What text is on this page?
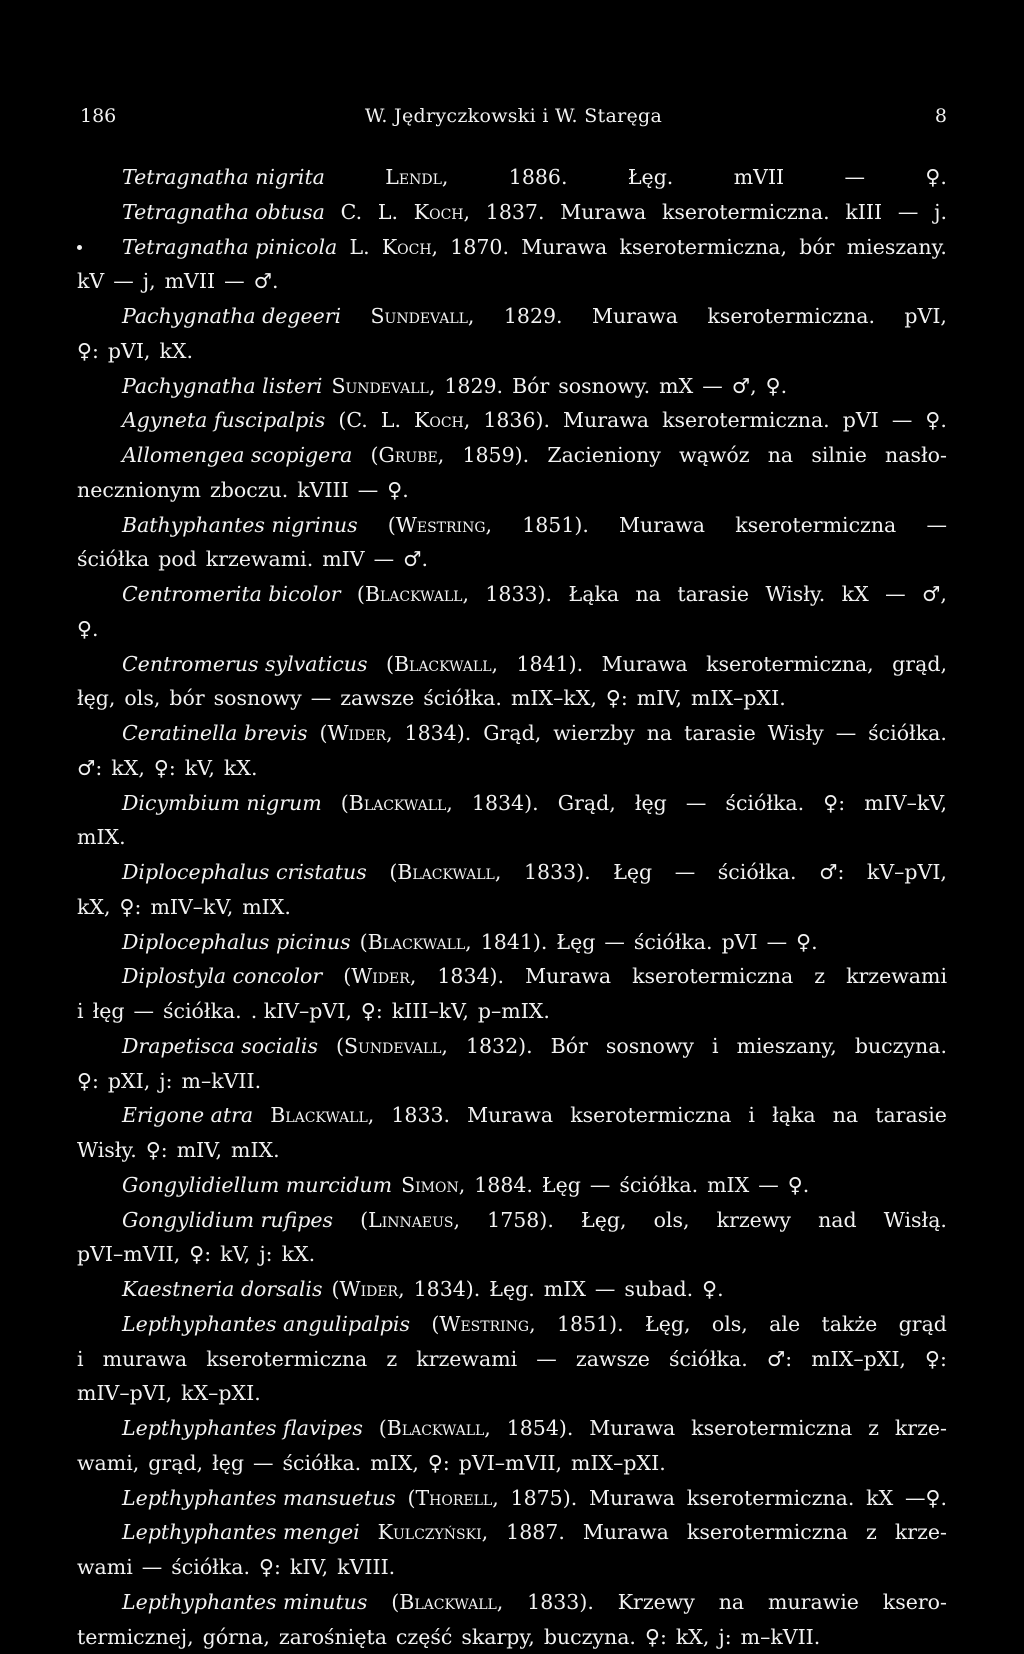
186	W. Jędryczkowski i W. Staręga	8
Tetragnatha nigrita	Lendl,	1886.	Łęg.	mVII	—	♀.
Tetragnatha obtusa C. L. Koch, 1837. Murawa kserotermiczna. kIII — j.
Tetragnatha pinicola L. Koch, 1870. Murawa kserotermiczna, bór mieszany.
kV — j, mVII — ♂.
Pachygnatha degeeri Sundevall, 1829. Murawa kserotermiczna. pVI,
♀: pVI, kX.
Pachygnatha listeri Sundevall, 1829. Bór sosnowy. mX — ♂, ♀.
Agyneta fuscipalpis (C. L. Koch, 1836). Murawa kserotermiczna. pVI — ♀.
Allomengea scopigera (Grube, 1859). Zacieniony wąwóz na silnie nasło-
necznionym zboczu. kVIII — ♀.
Bathyphantes nigrinus (Westring, 1851). Murawa kserotermiczna —
ściółka pod krzewami. mIV — ♂.
Centromerita bicolor (Blackwall, 1833). Łąka na tarasie Wisły. kX — ♂,
♀.
Centromerus sylvaticus (Blackwall, 1841). Murawa kserotermiczna, grąd,
łęg, ols, bór sosnowy — zawsze ściółka. mIX–kX, ♀: mIV, mIX–pXI.
Ceratinella brevis (Wider, 1834). Grąd, wierzby na tarasie Wisły — ściółka.
♂: kX, ♀: kV, kX.
Dicymbium nigrum (Blackwall, 1834). Grąd, łęg — ściółka. ♀: mIV–kV,
mIX.
Diplocephalus cristatus (Blackwall, 1833). Łęg — ściółka. ♂: kV–pVI,
kX, ♀: mIV–kV, mIX.
Diplocephalus picinus (Blackwall, 1841). Łęg — ściółka. pVI — ♀.
Diplostyla concolor (Wider, 1834). Murawa kserotermiczna z krzewami
i łęg — ściółka. . kIV–pVI, ♀: kIII–kV, p–mIX.
Drapetisca socialis (Sundevall, 1832). Bór sosnowy i mieszany, buczyna.
♀: pXI, j: m–kVII.
Erigone atra Blackwall, 1833. Murawa kserotermiczna i łąka na tarasie
Wisły. ♀: mIV, mIX.
Gongylidiellum murcidum Simon, 1884. Łęg — ściółka. mIX — ♀.
Gongylidium rufipes (Linnaeus, 1758). Łęg, ols, krzewy nad Wisłą.
pVI–mVII, ♀: kV, j: kX.
Kaestneria dorsalis (Wider, 1834). Łęg. mIX — subad. ♀.
Lepthyphantes angulipalpis (Westring, 1851). Łęg, ols, ale także grąd
i murawa kserotermiczna z krzewami — zawsze ściółka. ♂: mIX–pXI, ♀:
mIV–pVI, kX–pXI.
Lepthyphantes flavipes (Blackwall, 1854). Murawa kserotermiczna z krze-
wami, grąd, łęg — ściółka. mIX, ♀: pVI–mVII, mIX–pXI.
Lepthyphantes mansuetus (Thorell, 1875). Murawa kserotermiczna. kX —♀.
Lepthyphantes mengei Kulczyński, 1887. Murawa kserotermiczna z krze-
wami — ściółka. ♀: kIV, kVIII.
Lepthyphantes minutus (Blackwall, 1833). Krzewy na murawie ksero-
termicznej, górna, zarośnięta część skarpy, buczyna. ♀: kX, j: m–kVII.
